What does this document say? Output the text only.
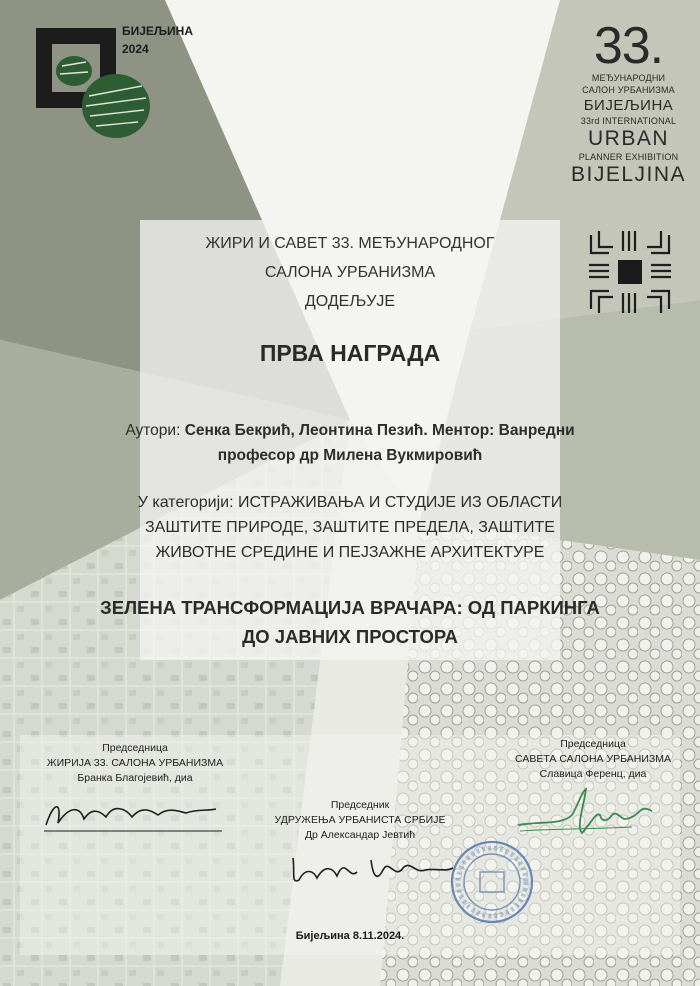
БИЈЕЉИНА
2024	33.
МЕЂУНАРОДНИ
САЛОН УРБАНИЗМА
БИЈЕЉИНА
33rd INTERNATIONAL
URBAN
PLANNER EXHIBITION
BIJELJINA
ЖИРИ И САВЕТ 33. МЕЂУНАРОДНОГ
САЛОНА УРБАНИЗМА
ДОДЕЉУЈЕ
ПРВА НАГРАДА
Аутори: Сенка Бекрић, Леонтина Пезић. Ментор: Ванредни
професор др Милена Вукмировић
У категорији: ИСТРАЖИВАЊА И СТУДИЈЕ ИЗ ОБЛАСТИ
ЗАШТИТЕ ПРИРОДЕ, ЗАШТИТЕ ПРЕДЕЛА, ЗАШТИТЕ
ЖИВОТНЕ СРЕДИНЕ И ПЕЈЗАЖНЕ АРХИТЕКТУРЕ
ЗЕЛЕНА ТРАНСФОРМАЦИЈА ВРАЧАРА: ОД ПАРКИНГА
ДО ЈАВНИХ ПРОСТОРА
Председница
ЖИРИЈА 33. САЛОНА УРБАНИЗМА
Бранка Благојевић, диа
Председник
УДРУЖЕЊА УРБАНИСТА СРБИЈЕ
Др Александар Јевтић
Председница
САВЕТА САЛОНА УРБАНИЗМА
Славица Ференц, диа
Бијељина 8.11.2024.
